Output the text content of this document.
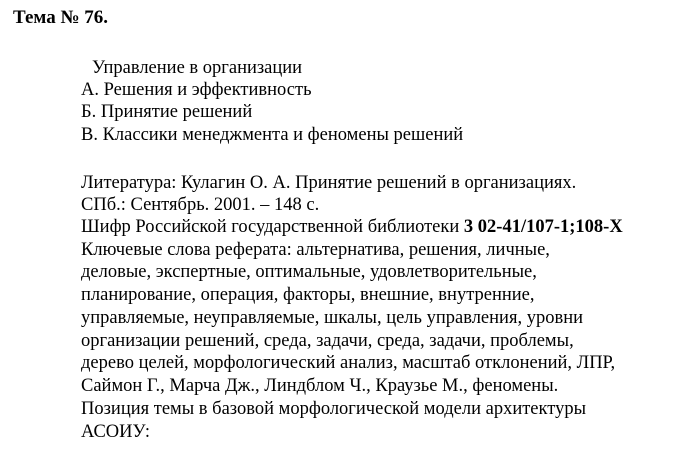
Тема № 76.
Управление в организации
А. Решения и эффективность
Б. Принятие решений
В. Классики менеджмента и феномены решений
Литература: Кулагин О. А. Принятие решений в организациях.
СПб.: Сентябрь. 2001. – 148 с.
Шифр Российской государственной библиотеки 3 02-41/107-1;108-Х
Ключевые слова реферата: альтернатива, решения, личные,
деловые, экспертные, оптимальные, удовлетворительные,
планирование, операция, факторы, внешние, внутренние,
управляемые, неуправляемые, шкалы, цель управления, уровни
организации решений, среда, задачи, среда, задачи, проблемы,
дерево целей, морфологический анализ, масштаб отклонений, ЛПР,
Саймон Г., Марча Дж., Линдблом Ч., Краузье М., феномены.
Позиция темы в базовой морфологической модели архитектуры
АСОИУ:
